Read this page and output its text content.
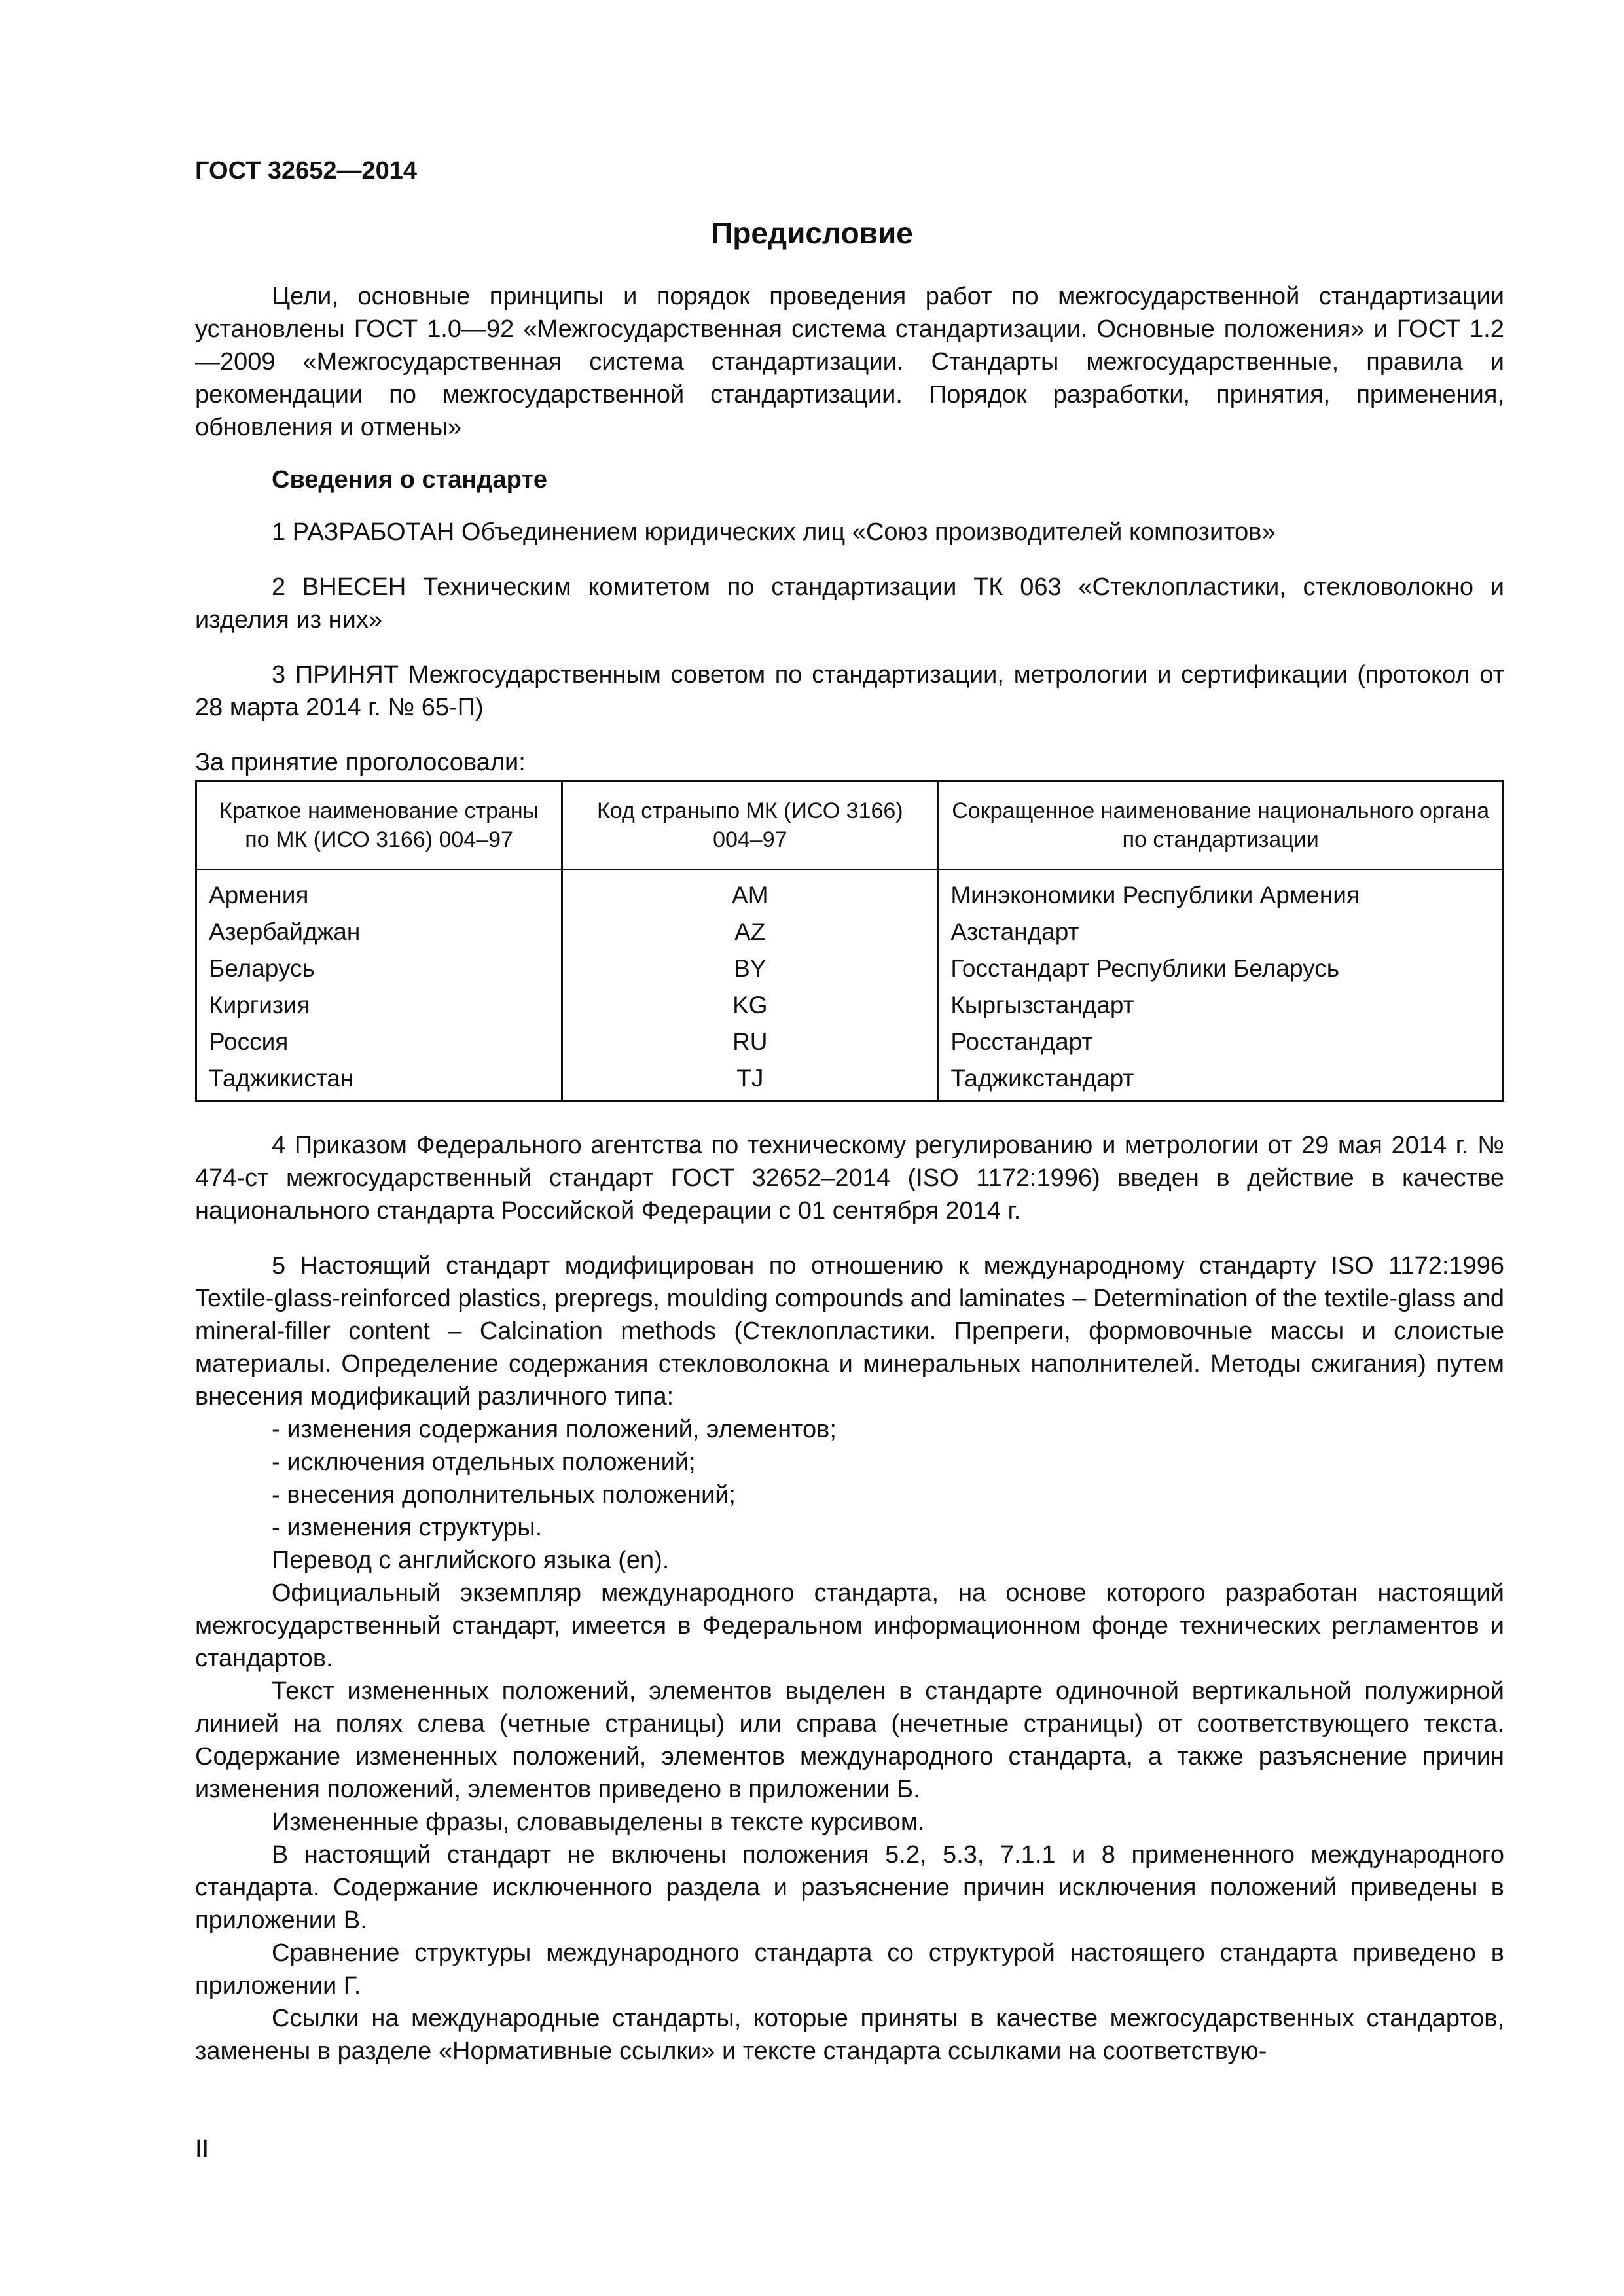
ГОСТ 32652—2014
Предисловие

Цели, основные принципы и порядок проведения работ по межгосударственной стандартизации установлены ГОСТ 1.0—92 «Межгосударственная система стандартизации. Основные положения» и ГОСТ 1.2—2009 «Межгосударственная система стандартизации. Стандарты межгосударственные, правила и рекомендации по межгосударственной стандартизации. Порядок разработки, принятия, применения, обновления и отмены»

Сведения о стандарте

1 РАЗРАБОТАН Объединением юридических лиц «Союз производителей композитов»

2 ВНЕСЕН Техническим комитетом по стандартизации ТК 063 «Стеклопластики, стекловолокно и изделия из них»

3 ПРИНЯТ Межгосударственным советом по стандартизации, метрологии и сертификации (протокол от 28 марта 2014 г. № 65-П)

За принятие проголосовали:

Краткое наименование страны по МК (ИСО 3166) 004–97	Код страныпо МК (ИСО 3166) 004–97	Сокращенное наименование национального органа по стандартизации
Армения	AM	Минэкономики Республики Армения
Азербайджан	AZ	Азстандарт
Беларусь	BY	Госстандарт Республики Беларусь
Киргизия	KG	Кыргызстандарт
Россия	RU	Росстандарт
Таджикистан	TJ	Таджикстандарт

4 Приказом Федерального агентства по техническому регулированию и метрологии от 29 мая 2014 г. № 474-ст межгосударственный стандарт ГОСТ 32652–2014 (ISO 1172:1996) введен в действие в качестве национального стандарта Российской Федерации с 01 сентября 2014 г.

5 Настоящий стандарт модифицирован по отношению к международному стандарту ISO 1172:1996 Textile-glass-reinforced plastics, prepregs, moulding compounds and laminates – Determination of the textile-glass and mineral-filler content – Calcination methods (Стеклопластики. Препреги, формовочные массы и слоистые материалы. Определение содержания стекловолокна и минеральных наполнителей. Методы сжигания) путем внесения модификаций различного типа:

- изменения содержания положений, элементов;

- исключения отдельных положений;

- внесения дополнительных положений;

- изменения структуры.

Перевод с английского языка (en).

Официальный экземпляр международного стандарта, на основе которого разработан настоящий межгосударственный стандарт, имеется в Федеральном информационном фонде технических регламентов и стандартов.

Текст измененных положений, элементов выделен в стандарте одиночной вертикальной полужирной линией на полях слева (четные страницы) или справа (нечетные страницы) от соответствующего текста. Содержание измененных положений, элементов международного стандарта, а также разъяснение причин изменения положений, элементов приведено в приложении Б.

Измененные фразы, словавыделены в тексте курсивом.

В настоящий стандарт не включены положения 5.2, 5.3, 7.1.1 и 8 примененного международного стандарта. Содержание исключенного раздела и разъяснение причин исключения положений приведены в приложении В.

Сравнение структуры международного стандарта со структурой настоящего стандарта приведено в приложении Г.

Ссылки на международные стандарты, которые приняты в качестве межгосударственных стандартов, заменены в разделе «Нормативные ссылки» и тексте стандарта ссылками на соответствую-

II
